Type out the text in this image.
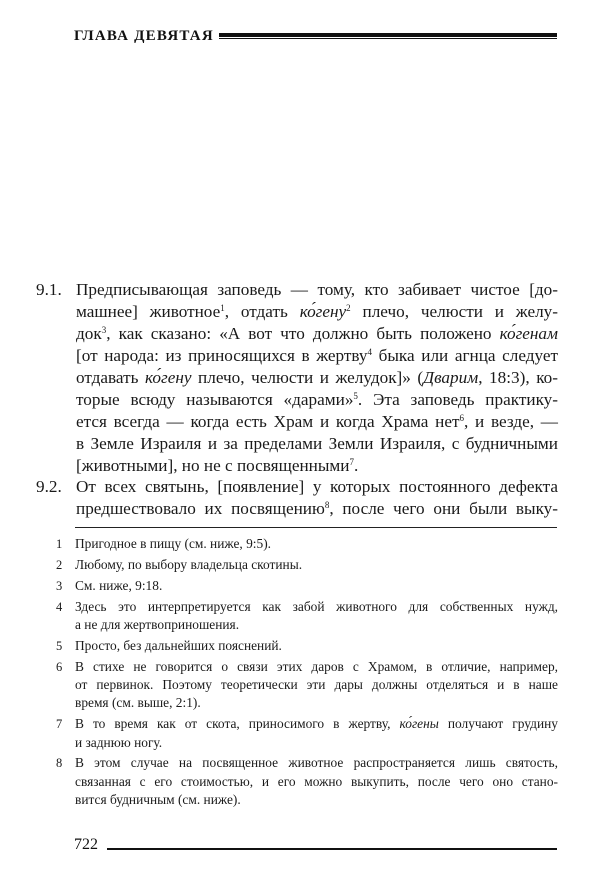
ГЛАВА ДЕВЯТАЯ
9.1. Предписывающая заповедь — тому, кто забивает чистое [до-
машнее] животное$^1$, отдать ко́гену$^2$ плечо, челюсти и желу-
док$^3$, как сказано: «А вот что должно быть положено ко́генам
[от народа: из приносящихся в жертву$^4$ быка или агнца следует
отдавать ко́гену плечо, челюсти и желудок]» (Дварим, 18:3), ко-
торые всюду называются «дарами»$^5$. Эта заповедь практику-
ется всегда — когда есть Храм и когда Храма нет$^6$, и везде, —
в Земле Израиля и за пределами Земли Израиля, с будничными
[животными], но не с посвященными$^7$.
9.2. От всех святынь, [появление] у которых постоянного дефекта
предшествовало их посвящению$^8$, после чего они были выку-
1 Пригодное в пищу (см. ниже, 9:5).
2 Любому, по выбору владельца скотины.
3 См. ниже, 9:18.
4 Здесь это интерпретируется как забой животного для собственных нужд,
а не для жертвоприношения.
5 Просто, без дальнейших пояснений.
6 В стихе не говорится о связи этих даров с Храмом, в отличие, например,
от первинок. Поэтому теоретически эти дары должны отделяться и в наше
время (см. выше, 2:1).
7 В то время как от скота, приносимого в жертву, ко́гены получают грудину
и заднюю ногу.
8 В этом случае на посвященное животное распространяется лишь святость,
связанная с его стоимостью, и его можно выкупить, после чего оно стано-
вится будничным (см. ниже).
722
